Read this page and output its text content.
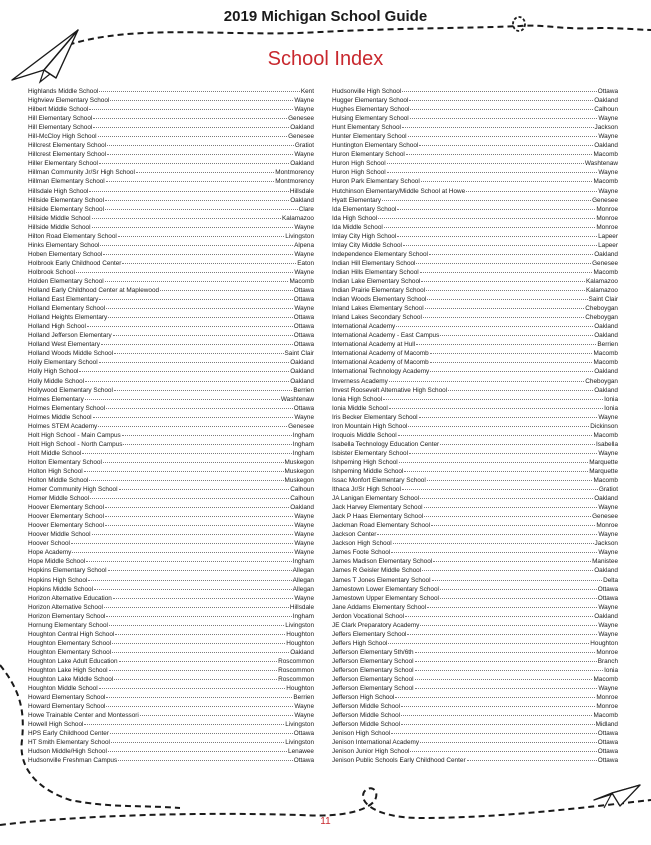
2019 Michigan School Guide
School Index
Highlands Middle School	Kent
Highview Elementary School	Wayne
Hilbert Middle School	Wayne
Hill Elementary School	Genesee
Hill Elementary School	Oakland
Hill-McCloy High School	Genesee
Hillcrest Elementary School	Gratiot
Hillcrest Elementary School	Wayne
Hiller Elementary School	Oakland
Hillman Community Jr/Sr High School	Montmorency
Hillman Elementary School	Montmorency
Hillsdale High School	Hillsdale
Hillside Elementary School	Oakland
Hillside Elementary School	Clare
Hillside Middle School	Kalamazoo
Hillside Middle School	Wayne
Hilton Road Elementary School	Livingston
Hinks Elementary School	Alpena
Hoben Elementary School	Wayne
Holbrook Early Childhood Center	Eaton
Holbrook School	Wayne
Holden Elementary School	Macomb
Holland Early Childhood Center at Maplewood	Ottawa
Holland East Elementary	Ottawa
Holland Elementary School	Wayne
Holland Heights Elementary	Ottawa
Holland High School	Ottawa
Holland Jefferson Elementary	Ottawa
Holland West Elementary	Ottawa
Holland Woods Middle School	Saint Clair
Holly Elementary School	Oakland
Holly High School	Oakland
Holly Middle School	Oakland
Hollywood Elementary School	Berrien
Holmes Elementary	Washtenaw
Holmes Elementary School	Ottawa
Holmes Middle School	Wayne
Holmes STEM Academy	Genesee
Holt High School - Main Campus	Ingham
Holt High School - North Campus	Ingham
Holt Middle School	Ingham
Holton Elementary School	Muskegon
Holton High School	Muskegon
Holton Middle School	Muskegon
Homer Community High School	Calhoun
Homer Middle School	Calhoun
Hoover Elementary School	Oakland
Hoover Elementary School	Wayne
Hoover Elementary School	Wayne
Hoover Middle School	Wayne
Hoover School	Wayne
Hope Academy	Wayne
Hope Middle School	Ingham
Hopkins Elementary School	Allegan
Hopkins High School	Allegan
Hopkins Middle School	Allegan
Horizon Alternative Education	Wayne
Horizon Alternative School	Hillsdale
Horizon Elementary School	Ingham
Hornung Elementary School	Livingston
Houghton Central High School	Houghton
Houghton Elementary School	Houghton
Houghton Elementary School	Oakland
Houghton Lake Adult Education	Roscommon
Houghton Lake High School	Roscommon
Houghton Lake Middle School	Roscommon
Houghton Middle School	Houghton
Howard Elementary School	Berrien
Howard Elementary School	Wayne
Howe Trainable Center and Montessori	Wayne
Howell High School	Livingston
HPS Early Childhood Center	Ottawa
HT Smith Elementary School	Livingston
Hudson Middle/High School	Lenawee
Hudsonville Freshman Campus	Ottawa
Hudsonville High School	Ottawa
Hugger Elementary School	Oakland
Hughes Elementary School	Calhoun
Hulsing Elementary School	Wayne
Hunt Elementary School	Jackson
Hunter Elementary School	Wayne
Huntington Elementary School	Oakland
Huron Elementary School	Macomb
Huron High School	Washtenaw
Huron High School	Wayne
Huron Park Elementary School	Macomb
Hutchinson Elementary/Middle School at Howe	Wayne
Hyatt Elementary	Genesee
Ida Elementary School	Monroe
Ida High School	Monroe
Ida Middle School	Monroe
Imlay City High School	Lapeer
Imlay City Middle School	Lapeer
Independence Elementary School	Oakland
Indian Hill Elementary School	Genesee
Indian Hills Elementary School	Macomb
Indian Lake Elementary School	Kalamazoo
Indian Prairie Elementary School	Kalamazoo
Indian Woods Elementary School	Saint Clair
Inland Lakes Elementary School	Cheboygan
Inland Lakes Secondary School	Cheboygan
International Academy	Oakland
International Academy - East Campus	Oakland
International Academy at Hull	Berrien
International Academy of Macomb	Macomb
International Academy of Macomb	Macomb
International Technology Academy	Oakland
Inverness Academy	Cheboygan
Invest Roosevelt Alternative High School	Oakland
Ionia High School	Ionia
Ionia Middle School	Ionia
Iris Becker Elementary School	Wayne
Iron Mountain High School	Dickinson
Iroquois Middle School	Macomb
Isabella Technology Education Center	Isabella
Isbister Elementary School	Wayne
Ishpeming High School	Marquette
Ishpeming Middle School	Marquette
Issac Monfort Elementary School	Macomb
Ithaca Jr/Sr High School	Gratiot
JA Lanigan Elementary School	Oakland
Jack Harvey Elementary School	Wayne
Jack P Haas Elementary School	Genesee
Jackman Road Elementary School	Monroe
Jackson Center	Wayne
Jackson High School	Jackson
James Foote School	Wayne
James Madison Elementary School	Manistee
James R Geisler Middle School	Oakland
James T Jones Elementary School	Delta
Jamestown Lower Elementary School	Ottawa
Jamestown Upper Elementary School	Ottawa
Jane Addams Elementary School	Wayne
Jerdon Vocational School	Oakland
JE Clark Preparatory Academy	Wayne
Jeffers Elementary School	Wayne
Jeffers High School	Houghton
Jefferson Elementary 5th/6th	Monroe
Jefferson Elementary School	Branch
Jefferson Elementary School	Ionia
Jefferson Elementary School	Macomb
Jefferson Elementary School	Wayne
Jefferson High School	Monroe
Jefferson Middle School	Monroe
Jefferson Middle School	Macomb
Jefferson Middle School	Midland
Jenison High School	Ottawa
Jenison International Academy	Ottawa
Jenison Junior High School	Ottawa
Jenison Public Schools Early Childhood Center	Ottawa
11
